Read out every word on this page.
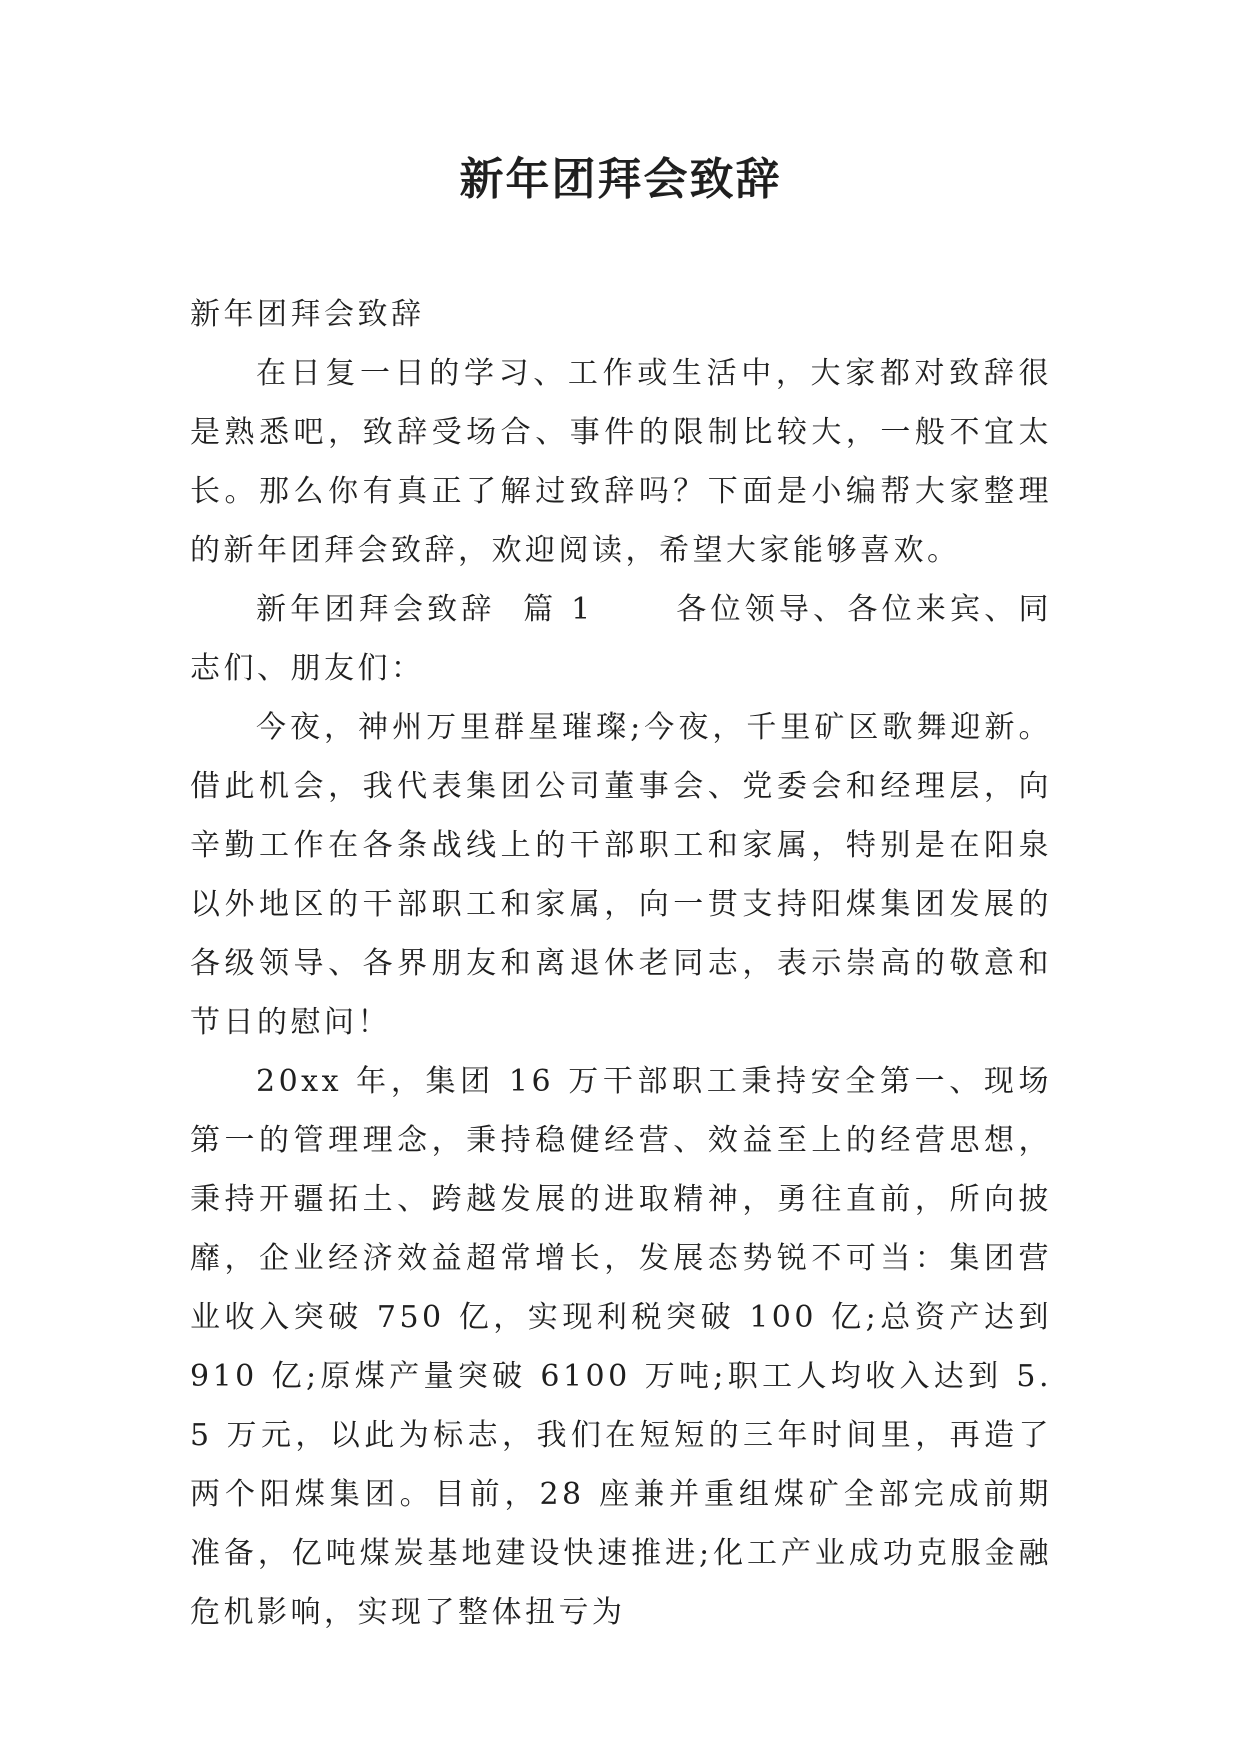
新年团拜会致辞

新年团拜会致辞

在日复一日的学习、工作或生活中，大家都对致辞很是熟悉吧，致辞受场合、事件的限制比较大，一般不宜太长。那么你有真正了解过致辞吗？下面是小编帮大家整理的新年团拜会致辞，欢迎阅读，希望大家能够喜欢。

新年团拜会致辞  篇 1      各位领导、各位来宾、同志们、朋友们：

今夜，神州万里群星璀璨;今夜，千里矿区歌舞迎新。借此机会，我代表集团公司董事会、党委会和经理层，向辛勤工作在各条战线上的干部职工和家属，特别是在阳泉以外地区的干部职工和家属，向一贯支持阳煤集团发展的各级领导、各界朋友和离退休老同志，表示崇高的敬意和节日的慰问！

20xx 年，集团 16 万干部职工秉持安全第一、现场第一的管理理念，秉持稳健经营、效益至上的经营思想，秉持开疆拓土、跨越发展的进取精神，勇往直前，所向披靡，企业经济效益超常增长，发展态势锐不可当：集团营业收入突破 750 亿，实现利税突破 100 亿;总资产达到 910 亿;原煤产量突破 6100 万吨;职工人均收入达到 5.5 万元，以此为标志，我们在短短的三年时间里，再造了两个阳煤集团。目前，28 座兼并重组煤矿全部完成前期准备，亿吨煤炭基地建设快速推进;化工产业成功克服金融危机影响，实现了整体扭亏为
